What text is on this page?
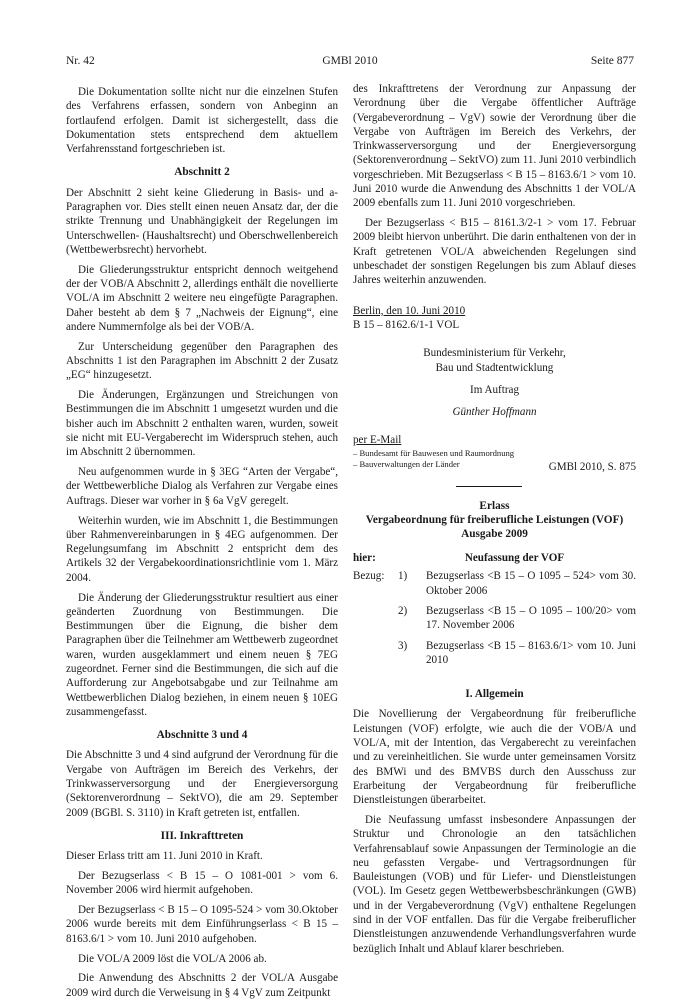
Nr. 42	GMBl 2010	Seite 877

Die Dokumentation sollte nicht nur die einzelnen Stufen des Verfahrens erfassen, sondern von Anbeginn an fortlaufend erfolgen. Damit ist sichergestellt, dass die Dokumentation stets entsprechend dem aktuellem Verfahrensstand fortgeschrieben ist.

Abschnitt 2

Der Abschnitt 2 sieht keine Gliederung in Basis- und a-Paragraphen vor. Dies stellt einen neuen Ansatz dar, der die strikte Trennung und Unabhängigkeit der Regelungen im Unterschwellen- (Haushaltsrecht) und Oberschwellenbereich (Wettbewerbsrecht) hervorhebt.

Die Gliederungsstruktur entspricht dennoch weitgehend der der VOB/A Abschnitt 2, allerdings enthält die novellierte VOL/A im Abschnitt 2 weitere neu eingefügte Paragraphen. Daher besteht ab dem § 7 „Nachweis der Eignung“, eine andere Nummernfolge als bei der VOB/A.

Zur Unterscheidung gegenüber den Paragraphen des Abschnitts 1 ist den Paragraphen im Abschnitt 2 der Zusatz „EG“ hinzugesetzt.

Die Änderungen, Ergänzungen und Streichungen von Bestimmungen die im Abschnitt 1 umgesetzt wurden und die bisher auch im Abschnitt 2 enthalten waren, wurden, soweit sie nicht mit EU-Vergaberecht im Widerspruch stehen, auch im Abschnitt 2 übernommen.

Neu aufgenommen wurde in § 3EG “Arten der Vergabe“, der Wettbewerbliche Dialog als Verfahren zur Vergabe eines Auftrags. Dieser war vorher in § 6a VgV geregelt.

Weiterhin wurden, wie im Abschnitt 1, die Bestimmungen über Rahmenvereinbarungen in § 4EG aufgenommen. Der Regelungsumfang im Abschnitt 2 entspricht dem des Artikels 32 der Vergabekoordinationsrichtlinie vom 1. März 2004.

Die Änderung der Gliederungsstruktur resultiert aus einer geänderten Zuordnung von Bestimmungen. Die Bestimmungen über die Eignung, die bisher dem Paragraphen über die Teilnehmer am Wettbewerb zugeordnet waren, wurden ausgeklammert und einem neuen § 7EG zugeordnet. Ferner sind die Bestimmungen, die sich auf die Aufforderung zur Angebotsabgabe und zur Teilnahme am Wettbewerblichen Dialog beziehen, in einem neuen § 10EG zusammengefasst.

Abschnitte 3 und 4

Die Abschnitte 3 und 4 sind aufgrund der Verordnung für die Vergabe von Aufträgen im Bereich des Verkehrs, der Trinkwasserversorgung und der Energieversorgung (Sektorenverordnung – SektVO), die am 29. September 2009 (BGBl. S. 3110) in Kraft getreten ist, entfallen.

III. Inkrafttreten

Dieser Erlass tritt am 11. Juni 2010 in Kraft.

Der Bezugserlass < B 15 – O 1081-001 > vom 6. November 2006 wird hiermit aufgehoben.

Der Bezugserlass < B 15 – O 1095-524 > vom 30.Oktober 2006 wurde bereits mit dem Einführungserlass < B 15 – 8163.6/1 > vom 10. Juni 2010 aufgehoben.

Die VOL/A 2009 löst die VOL/A 2006 ab.

Die Anwendung des Abschnitts 2 der VOL/A Ausgabe 2009 wird durch die Verweisung in § 4 VgV zum Zeitpunkt

des Inkrafttretens der Verordnung zur Anpassung der Verordnung über die Vergabe öffentlicher Aufträge (Vergabeverordnung – VgV) sowie der Verordnung über die Vergabe von Aufträgen im Bereich des Verkehrs, der Trinkwasserversorgung und der Energieversorgung (Sektorenverordnung – SektVO) zum 11. Juni 2010 verbindlich vorgeschrieben. Mit Bezugserlass < B 15 – 8163.6/1 > vom 10. Juni 2010 wurde die Anwendung des Abschnitts 1 der VOL/A 2009 ebenfalls zum 11. Juni 2010 vorgeschrieben.

Der Bezugserlass < B15 – 8161.3/2-1 > vom 17. Februar 2009 bleibt hiervon unberührt. Die darin enthaltenen von der in Kraft getretenen VOL/A abweichenden Regelungen sind unbeschadet der sonstigen Regelungen bis zum Ablauf dieses Jahres weiterhin anzuwenden.

Berlin, den 10. Juni 2010
B 15 – 8162.6/1-1 VOL
Bundesministerium für Verkehr,
Bau und Stadtentwicklung
Im Auftrag
Günther Hoffmann
per E-Mail
– Bundesamt für Bauwesen und Raumordnung
– Bauverwaltungen der Länder	GMBl 2010, S. 875
Erlass
Vergabeordnung für freiberufliche Leistungen (VOF)
Ausgabe 2009
hier:	Neufassung der VOF
Bezug:	1)	Bezugserlass <B 15 – O 1095 – 524> vom 30. Oktober 2006
2)	Bezugserlass <B 15 – O 1095 – 100/20> vom 17. November 2006
3)	Bezugserlass <B 15 – 8163.6/1> vom 10. Juni 2010
I. Allgemein

Die Novellierung der Vergabeordnung für freiberufliche Leistungen (VOF) erfolgte, wie auch die der VOB/A und VOL/A, mit der Intention, das Vergaberecht zu vereinfachen und zu vereinheitlichen. Sie wurde unter gemeinsamen Vorsitz des BMWi und des BMVBS durch den Ausschuss zur Erarbeitung der Vergabeordnung für freiberufliche Dienstleistungen überarbeitet.

Die Neufassung umfasst insbesondere Anpassungen der Struktur und Chronologie an den tatsächlichen Verfahrensablauf sowie Anpassungen der Terminologie an die neu gefassten Vergabe- und Vertragsordnungen für Bauleistungen (VOB) und für Liefer- und Dienstleistungen (VOL). Im Gesetz gegen Wettbewerbsbeschränkungen (GWB) und in der Vergabeverordnung (VgV) enthaltene Regelungen sind in der VOF entfallen. Das für die Vergabe freiberuflicher Dienstleistungen anzuwendende Verhandlungsverfahren wurde bezüglich Inhalt und Ablauf klarer beschrieben.
